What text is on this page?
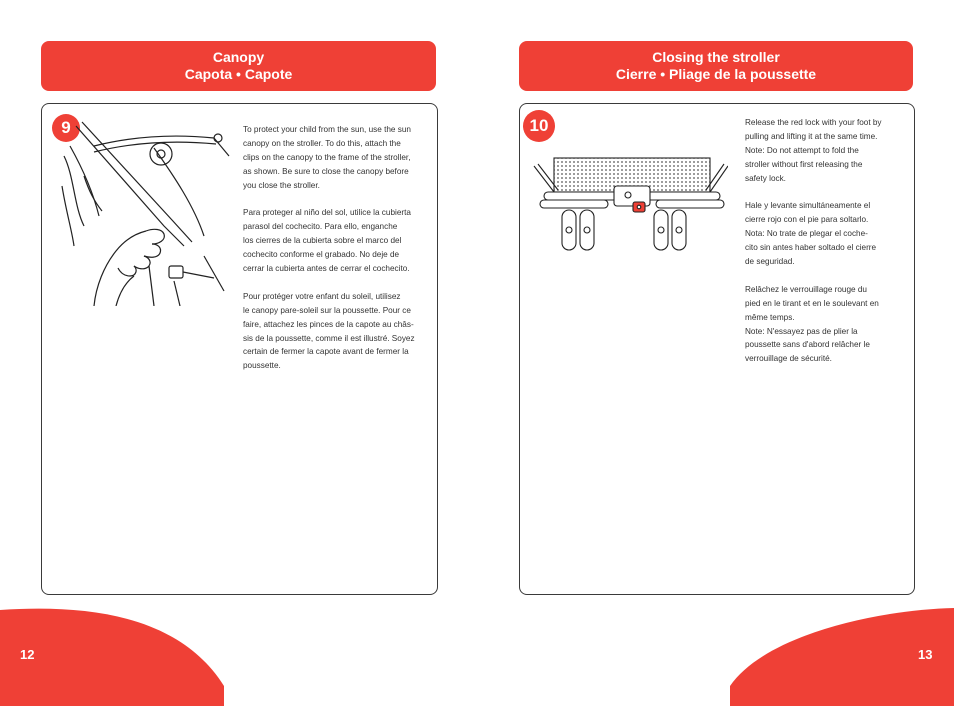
Canopy
Capota • Capote
9	To protect your child from the sun, use the sun
canopy on the stroller. To do this, attach the
clips on the canopy to the frame of the stroller,
as shown. Be sure to close the canopy before
you close the stroller.

Para proteger al niño del sol, utilice la cubierta
parasol del cochecito. Para ello, enganche
los cierres de la cubierta sobre el marco del
cochecito conforme el grabado. No deje de
cerrar la cubierta antes de cerrar el cochecito.

Pour protéger votre enfant du soleil, utilisez
le canopy pare-soleil sur la poussette. Pour ce
faire, attachez les pinces de la capote au châs-
sis de la poussette, comme il est illustré. Soyez
certain de fermer la capote avant de fermer la
poussette.

Closing the stroller
Cierre • Pliage de la poussette
10	Release the red lock with your foot by
pulling and lifting it at the same time.
Note: Do not attempt to fold the
stroller without first releasing the
safety lock.

Hale y levante simultáneamente el
cierre rojo con el pie para soltarlo.
Nota: No trate de plegar el coche-
cito sin antes haber soltado el cierre
de seguridad.

Relâchez le verrouillage rouge du
pied en le tirant et en le soulevant en
même temps.
Note: N'essayez pas de plier la
poussette sans d'abord relâcher le
verrouillage de sécurité.

12	13
